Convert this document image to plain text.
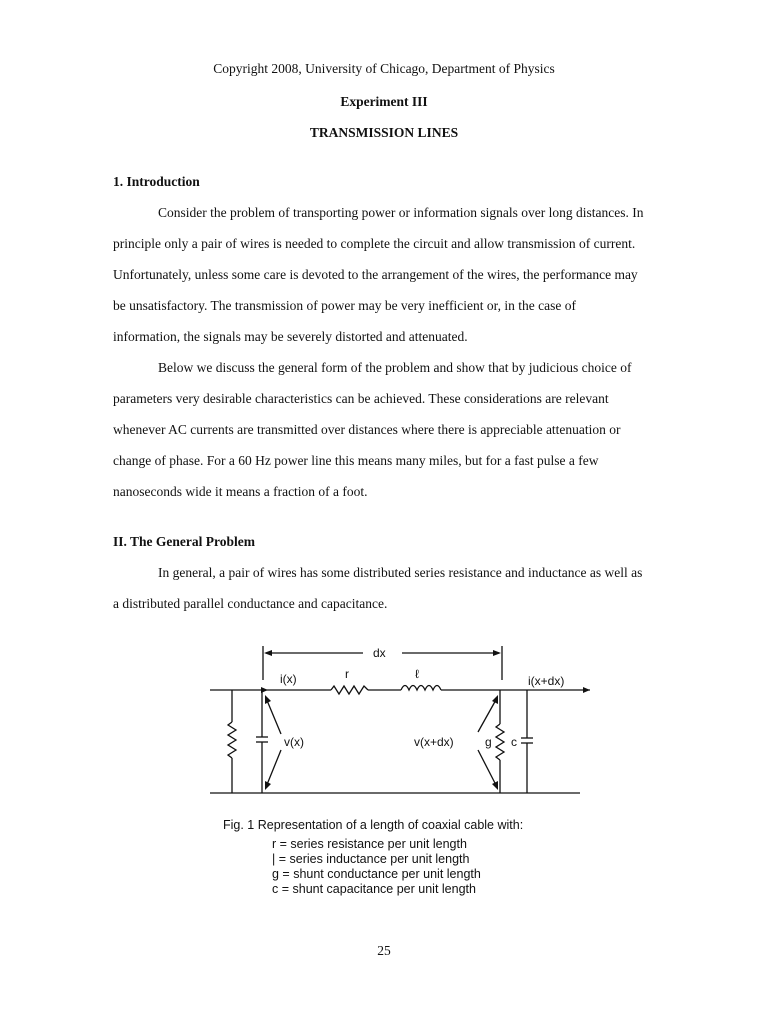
Copyright 2008, University of Chicago, Department of Physics
Experiment III
TRANSMISSION LINES
1. Introduction
Consider the problem of transporting power or information signals over long distances. In
principle only a pair of wires is needed to complete the circuit and allow transmission of current.
Unfortunately, unless some care is devoted to the arrangement of the wires, the performance may
be unsatisfactory. The transmission of power may be very inefficient or, in the case of
information, the signals may be severely distorted and attenuated.
Below we discuss the general form of the problem and show that by judicious choice of
parameters very desirable characteristics can be achieved. These considerations are relevant
whenever AC currents are transmitted over distances where there is appreciable attenuation or
change of phase. For a 60 Hz power line this means many miles, but for a fast pulse a few
nanoseconds wide it means a fraction of a foot.
II. The General Problem
In general, a pair of wires has some distributed series resistance and inductance as well as
a distributed parallel conductance and capacitance.
dx
i(x)	r	ℓ	i(x+dx)
v(x)	v(x+dx)	g c
Fig. 1 Representation of a length of coaxial cable with:
r = series resistance per unit length
| = series inductance per unit length
g = shunt conductance per unit length
c = shunt capacitance per unit length
25
